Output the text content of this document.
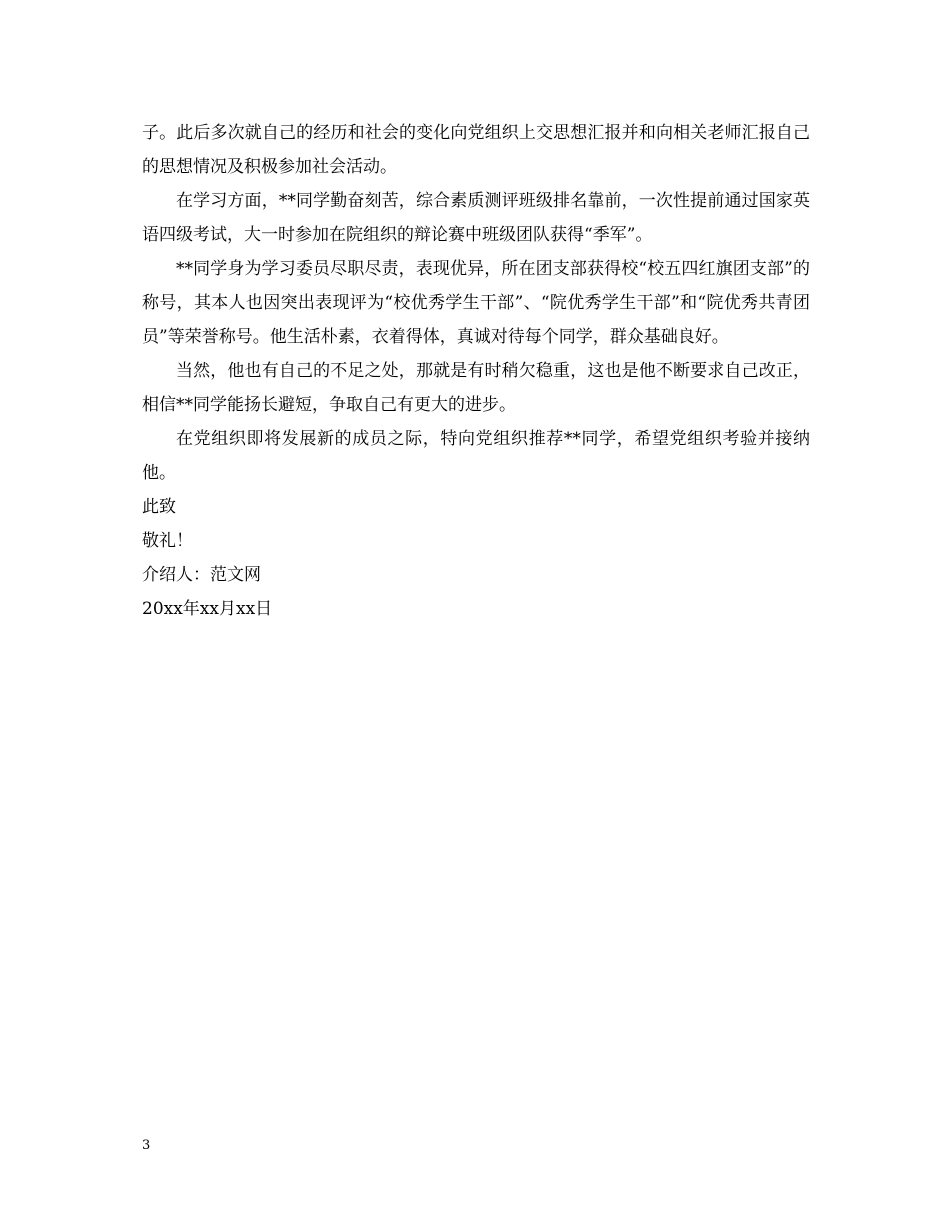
子。此后多次就自己的经历和社会的变化向党组织上交思想汇报并和向相关老师汇报自己的思想情况及积极参加社会活动。

在学习方面，**同学勤奋刻苦，综合素质测评班级排名靠前，一次性提前通过国家英语四级考试，大一时参加在院组织的辩论赛中班级团队获得“季军”。

**同学身为学习委员尽职尽责，表现优异，所在团支部获得校“校五四红旗团支部”的称号，其本人也因突出表现评为“校优秀学生干部”、“院优秀学生干部”和“院优秀共青团员”等荣誉称号。他生活朴素，衣着得体，真诚对待每个同学，群众基础良好。

当然，他也有自己的不足之处，那就是有时稍欠稳重，这也是他不断要求自己改正，相信**同学能扬长避短，争取自己有更大的进步。

在党组织即将发展新的成员之际，特向党组织推荐**同学，希望党组织考验并接纳他。

此致

敬礼！

介绍人：范文网

20xx年xx月xx日

3
